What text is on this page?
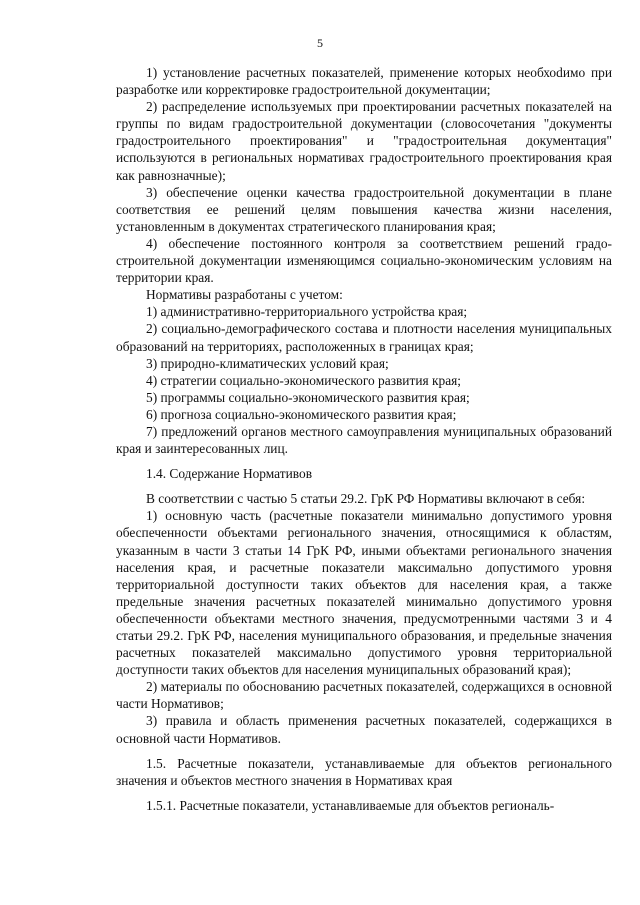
5

1) установление расчетных показателей, применение которых необхоdимо при разработке или корректировке градостроительной документации;

2) распределение используемых при проектировании расчетных показателей на группы по видам градостроительной документации (словосочетания "документы градостроительного проектирования" и "градостроительная документация" используются в региональных нормативах градостроительного проектирования края как равнозначные);

3) обеспечение оценки качества градостроительной документации в плане соответствия ее решений целям повышения качества жизни населения, установленным в документах стратегического планирования края;

4) обеспечение постоянного контроля за соответствием решений градостроительной документации изменяющимся социально-экономическим условиям на территории края.

Нормативы разработаны с учетом:

1) административно-территориального устройства края;

2) социально-демографического состава и плотности населения муниципальных образований на территориях, расположенных в границах края;

3) природно-климатических условий края;

4) стратегии социально-экономического развития края;

5) программы социально-экономического развития края;

6) прогноза социально-экономического развития края;

7) предложений органов местного самоуправления муниципальных образований края и заинтересованных лиц.

1.4. Содержание Нормативов

В соответствии с частью 5 статьи 29.2. ГрК РФ Нормативы включают в себя:

1) основную часть (расчетные показатели минимально допустимого уровня обеспеченности объектами регионального значения, относящимися к областям, указанным в части 3 статьи 14 ГрК РФ, иными объектами регионального значения населения края, и расчетные показатели максимально допустимого уровня территориальной доступности таких объектов для населения края, а также предельные значения расчетных показателей минимально допустимого уровня обеспеченности объектами местного значения, предусмотренными частями 3 и 4 статьи 29.2. ГрК РФ, населения муниципального образования, и предельные значения расчетных показателей максимально допустимого уровня территориальной доступности таких объектов для населения муниципальных образований края);

2) материалы по обоснованию расчетных показателей, содержащихся в основной части Нормативов;

3) правила и область применения расчетных показателей, содержащихся в основной части Нормативов.

1.5. Расчетные показатели, устанавливаемые для объектов регионального значения и объектов местного значения в Нормативах края

1.5.1. Расчетные показатели, устанавливаемые для объектов региональ-
